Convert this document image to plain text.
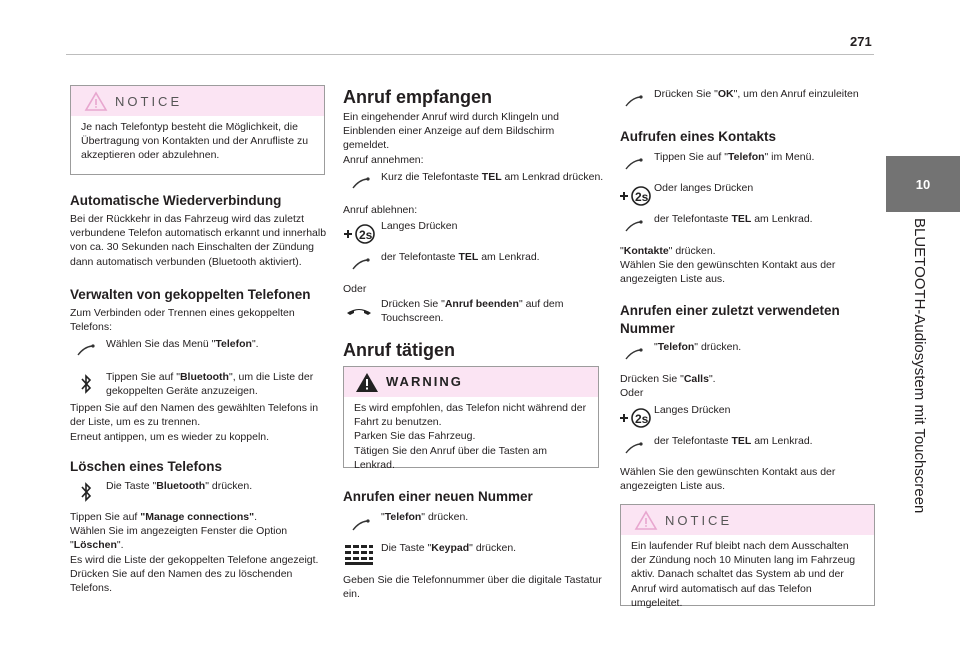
271
10
BLUETOOTH-Audiosystem mit Touchscreen
NOTICE
Je nach Telefontyp besteht die Möglichkeit, die Übertragung von Kontakten und der Anrufliste zu akzeptieren oder abzulehnen.
Automatische Wiederverbindung
Bei der Rückkehr in das Fahrzeug wird das zuletzt verbundene Telefon automatisch erkannt und innerhalb von ca. 30 Sekunden nach Einschalten der Zündung dann automatisch verbunden (Bluetooth aktiviert).
Verwalten von gekoppelten Telefonen
Zum Verbinden oder Trennen eines gekoppelten Telefons:
Wählen Sie das Menü "Telefon".
Tippen Sie auf "Bluetooth", um die Liste der gekoppelten Geräte anzuzeigen.
Tippen Sie auf den Namen des gewählten Telefons in der Liste, um es zu trennen.
Erneut antippen, um es wieder zu koppeln.
Löschen eines Telefons
Die Taste "Bluetooth" drücken.
Tippen Sie auf "Manage connections".
Wählen Sie im angezeigten Fenster die Option
"Löschen".
Es wird die Liste der gekoppelten Telefone angezeigt.
Drücken Sie auf den Namen des zu löschenden Telefons.
Anruf empfangen
Ein eingehender Anruf wird durch Klingeln und Einblenden einer Anzeige auf dem Bildschirm gemeldet.
Anruf annehmen:
Kurz die Telefontaste TEL am Lenkrad drücken.
Anruf ablehnen:
2s
Langes Drücken
der Telefontaste TEL am Lenkrad.
Oder
Drücken Sie "Anruf beenden" auf dem Touchscreen.
Anruf tätigen
WARNING
Es wird empfohlen, das Telefon nicht während der Fahrt zu benutzen.
Parken Sie das Fahrzeug.
Tätigen Sie den Anruf über die Tasten am Lenkrad.
Anrufen einer neuen Nummer
"Telefon" drücken.
Die Taste "Keypad" drücken.
Geben Sie die Telefonnummer über die digitale Tastatur ein.
Drücken Sie "OK", um den Anruf einzuleiten
Aufrufen eines Kontakts
Tippen Sie auf "Telefon" im Menü.
2s
Oder langes Drücken
der Telefontaste TEL am Lenkrad.
"Kontakte" drücken.
Wählen Sie den gewünschten Kontakt aus der angezeigten Liste aus.
Anrufen einer zuletzt verwendeten Nummer
"Telefon" drücken.
Drücken Sie "Calls".
Oder
2s
Langes Drücken
der Telefontaste TEL am Lenkrad.
Wählen Sie den gewünschten Kontakt aus der angezeigten Liste aus.
NOTICE
Ein laufender Ruf bleibt nach dem Ausschalten der Zündung noch 10 Minuten lang im Fahrzeug aktiv. Danach schaltet das System ab und der Anruf wird automatisch auf das Telefon umgeleitet.
